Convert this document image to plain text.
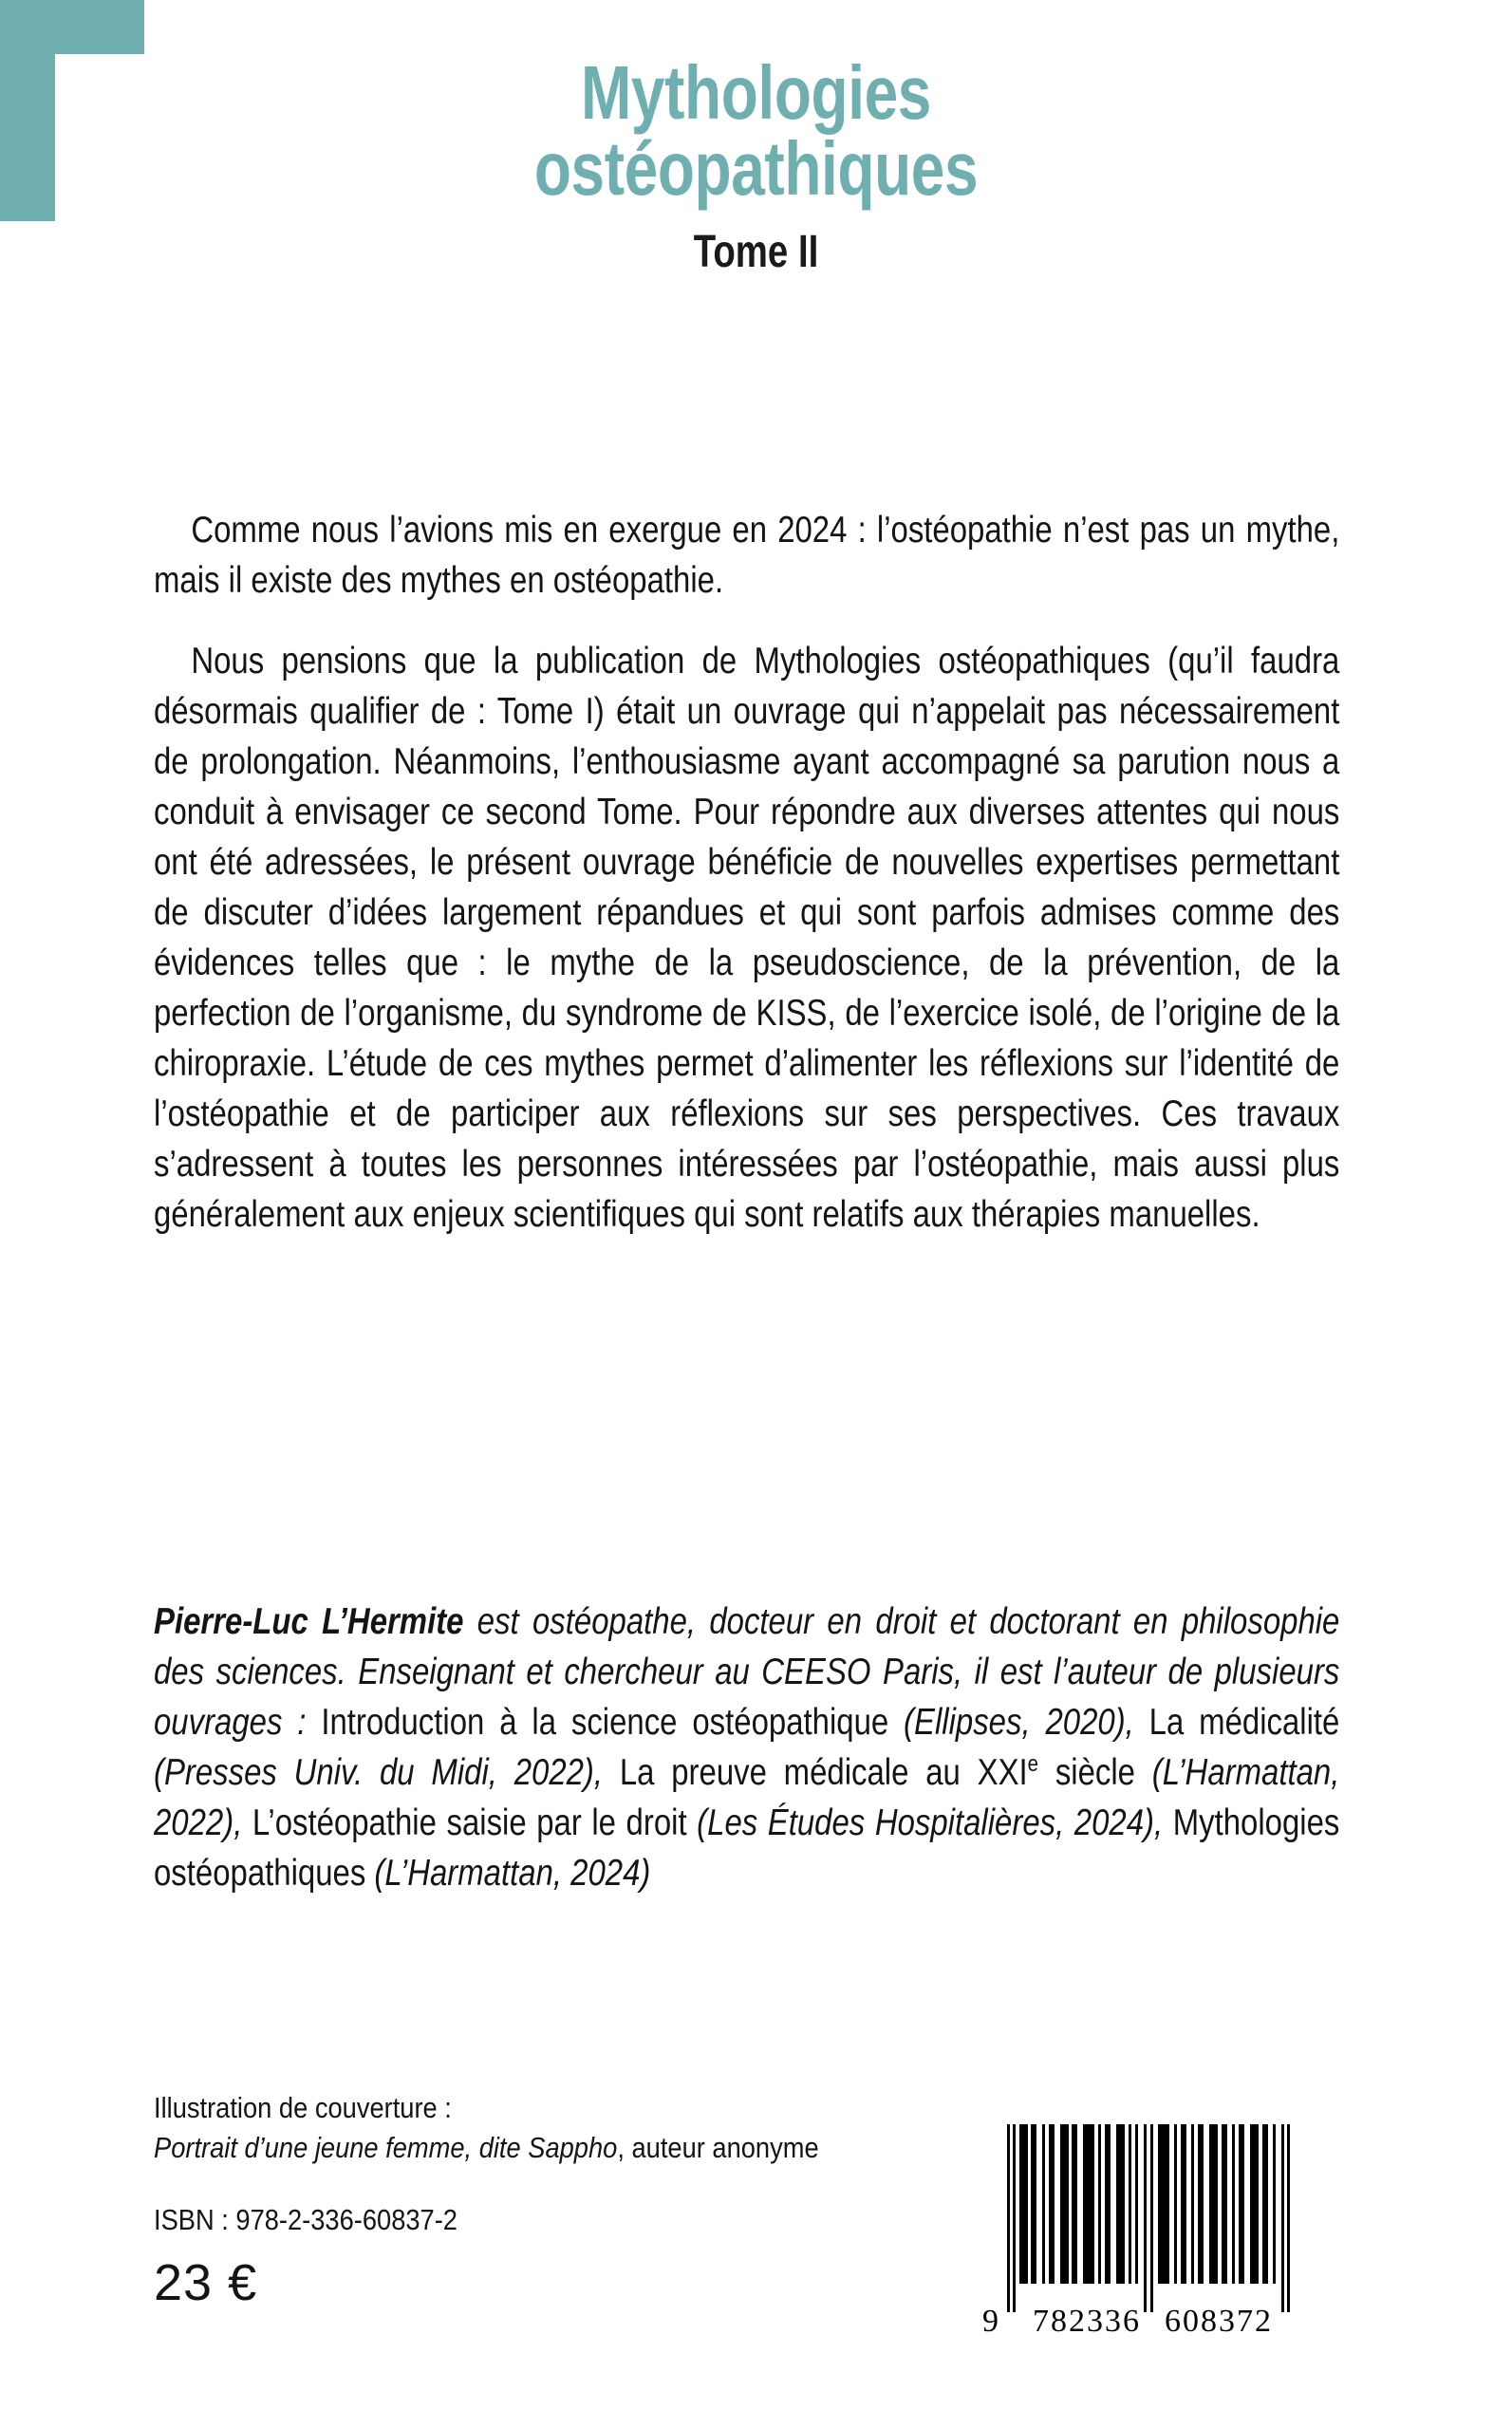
Mythologies
ostéopathiques
Tome II

Comme nous l’avions mis en exergue en 2024 : l’ostéopathie n’est pas un mythe, mais il existe des mythes en ostéopathie.

Nous pensions que la publication de Mythologies ostéopathiques (qu’il faudra désormais qualifier de : Tome I) était un ouvrage qui n’appelait pas nécessairement de prolongation. Néanmoins, l’enthousiasme ayant accompagné sa parution nous a conduit à envisager ce second Tome. Pour répondre aux diverses attentes qui nous ont été adressées, le présent ouvrage bénéficie de nouvelles expertises permettant de discuter d’idées largement répandues et qui sont parfois admises comme des évidences telles que : le mythe de la pseudoscience, de la prévention, de la perfection de l’organisme, du syndrome de KISS, de l’exercice isolé, de l’origine de la chiropraxie. L’étude de ces mythes permet d’alimenter les réflexions sur l’identité de l’ostéopathie et de participer aux réflexions sur ses perspectives. Ces travaux s’adressent à toutes les personnes intéressées par l’ostéopathie, mais aussi plus généralement aux enjeux scientifiques qui sont relatifs aux thérapies manuelles.

Pierre-Luc L’Hermite est ostéopathe, docteur en droit et doctorant en philosophie des sciences. Enseignant et chercheur au CEESO Paris, il est l’auteur de plusieurs ouvrages : Introduction à la science ostéopathique (Ellipses, 2020), La médicalité (Presses Univ. du Midi, 2022), La preuve médicale au XXIe siècle (L’Harmattan, 2022), L’ostéopathie saisie par le droit (Les Études Hospitalières, 2024), Mythologies ostéopathiques (L’Harmattan, 2024)

Illustration de couverture :

Portrait d’une jeune femme, dite Sappho, auteur anonyme

ISBN : 978-2-336-60837-2

23 €

9 782336 608372
